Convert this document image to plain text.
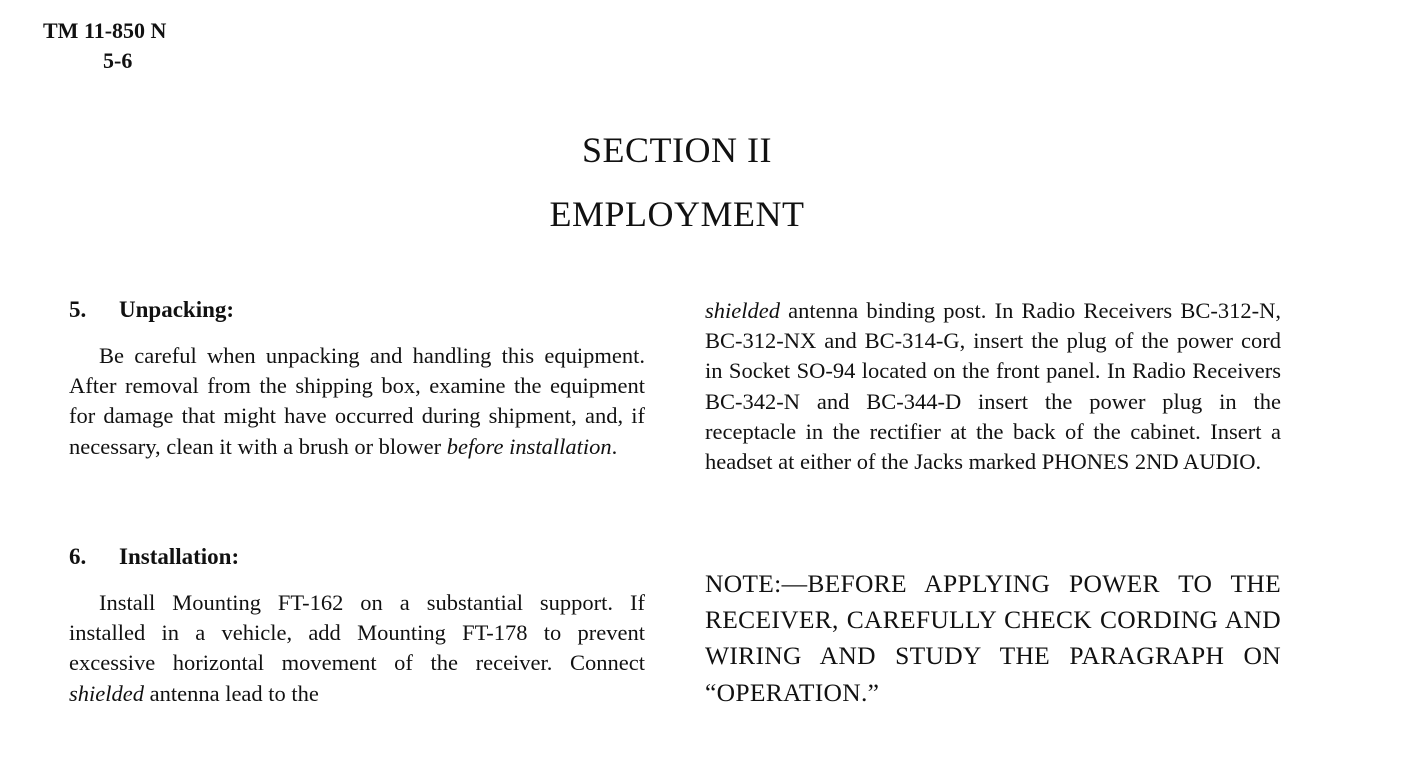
TM 11-850 N
5-6
SECTION II
EMPLOYMENT
5. Unpacking:

Be careful when unpacking and handling this equipment. After removal from the shipping box, examine the equipment for damage that might have occurred during shipment, and, if necessary, clean it with a brush or blower before installation.

6. Installation:

Install Mounting FT-162 on a substantial support. If installed in a vehicle, add Mounting FT-178 to prevent excessive horizontal movement of the receiver. Connect shielded antenna lead to the

shielded antenna binding post. In Radio Receivers BC-312-N, BC-312-NX and BC-314-G, insert the plug of the power cord in Socket SO-94 located on the front panel. In Radio Receivers BC-342-N and BC-344-D insert the power plug in the receptacle in the rectifier at the back of the cabinet. Insert a headset at either of the Jacks marked PHONES 2ND AUDIO.

NOTE:—BEFORE APPLYING POWER TO THE RECEIVER, CAREFULLY CHECK CORDING AND WIRING AND STUDY THE PARAGRAPH ON “OPERATION.”
